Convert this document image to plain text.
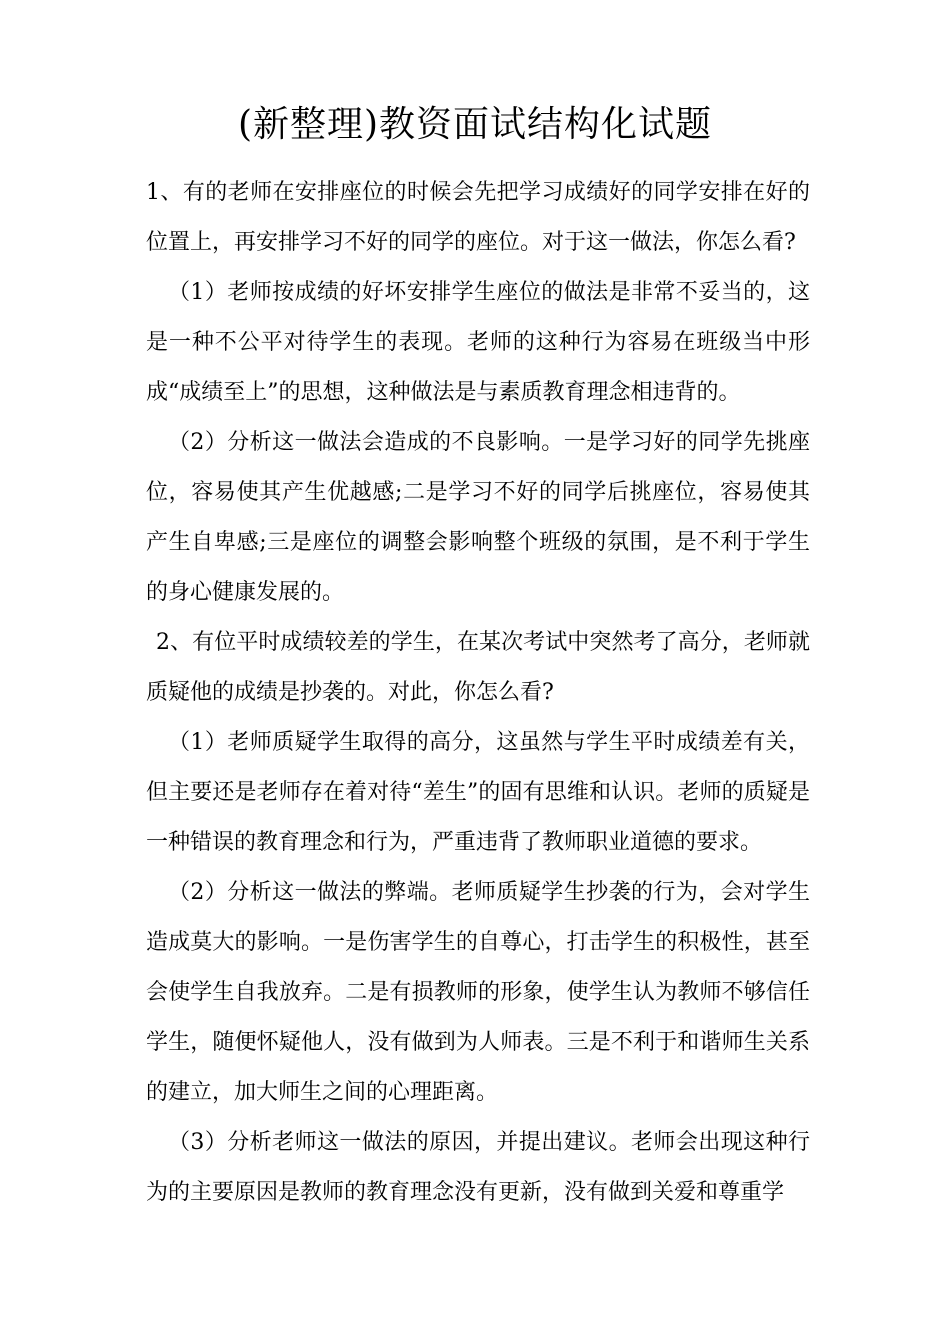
(新整理)教资面试结构化试题

1、有的老师在安排座位的时候会先把学习成绩好的同学安排在好的位置上，再安排学习不好的同学的座位。对于这一做法，你怎么看?

（1）老师按成绩的好坏安排学生座位的做法是非常不妥当的，这是一种不公平对待学生的表现。老师的这种行为容易在班级当中形成“成绩至上”的思想，这种做法是与素质教育理念相违背的。

（2）分析这一做法会造成的不良影响。一是学习好的同学先挑座位，容易使其产生优越感;二是学习不好的同学后挑座位，容易使其产生自卑感;三是座位的调整会影响整个班级的氛围，是不利于学生的身心健康发展的。

2、有位平时成绩较差的学生，在某次考试中突然考了高分，老师就质疑他的成绩是抄袭的。对此，你怎么看?

（1）老师质疑学生取得的高分，这虽然与学生平时成绩差有关，但主要还是老师存在着对待“差生”的固有思维和认识。老师的质疑是一种错误的教育理念和行为，严重违背了教师职业道德的要求。

（2）分析这一做法的弊端。老师质疑学生抄袭的行为，会对学生造成莫大的影响。一是伤害学生的自尊心，打击学生的积极性，甚至会使学生自我放弃。二是有损教师的形象，使学生认为教师不够信任学生，随便怀疑他人，没有做到为人师表。三是不利于和谐师生关系的建立，加大师生之间的心理距离。

（3）分析老师这一做法的原因，并提出建议。老师会出现这种行为的主要原因是教师的教育理念没有更新，没有做到关爱和尊重学
